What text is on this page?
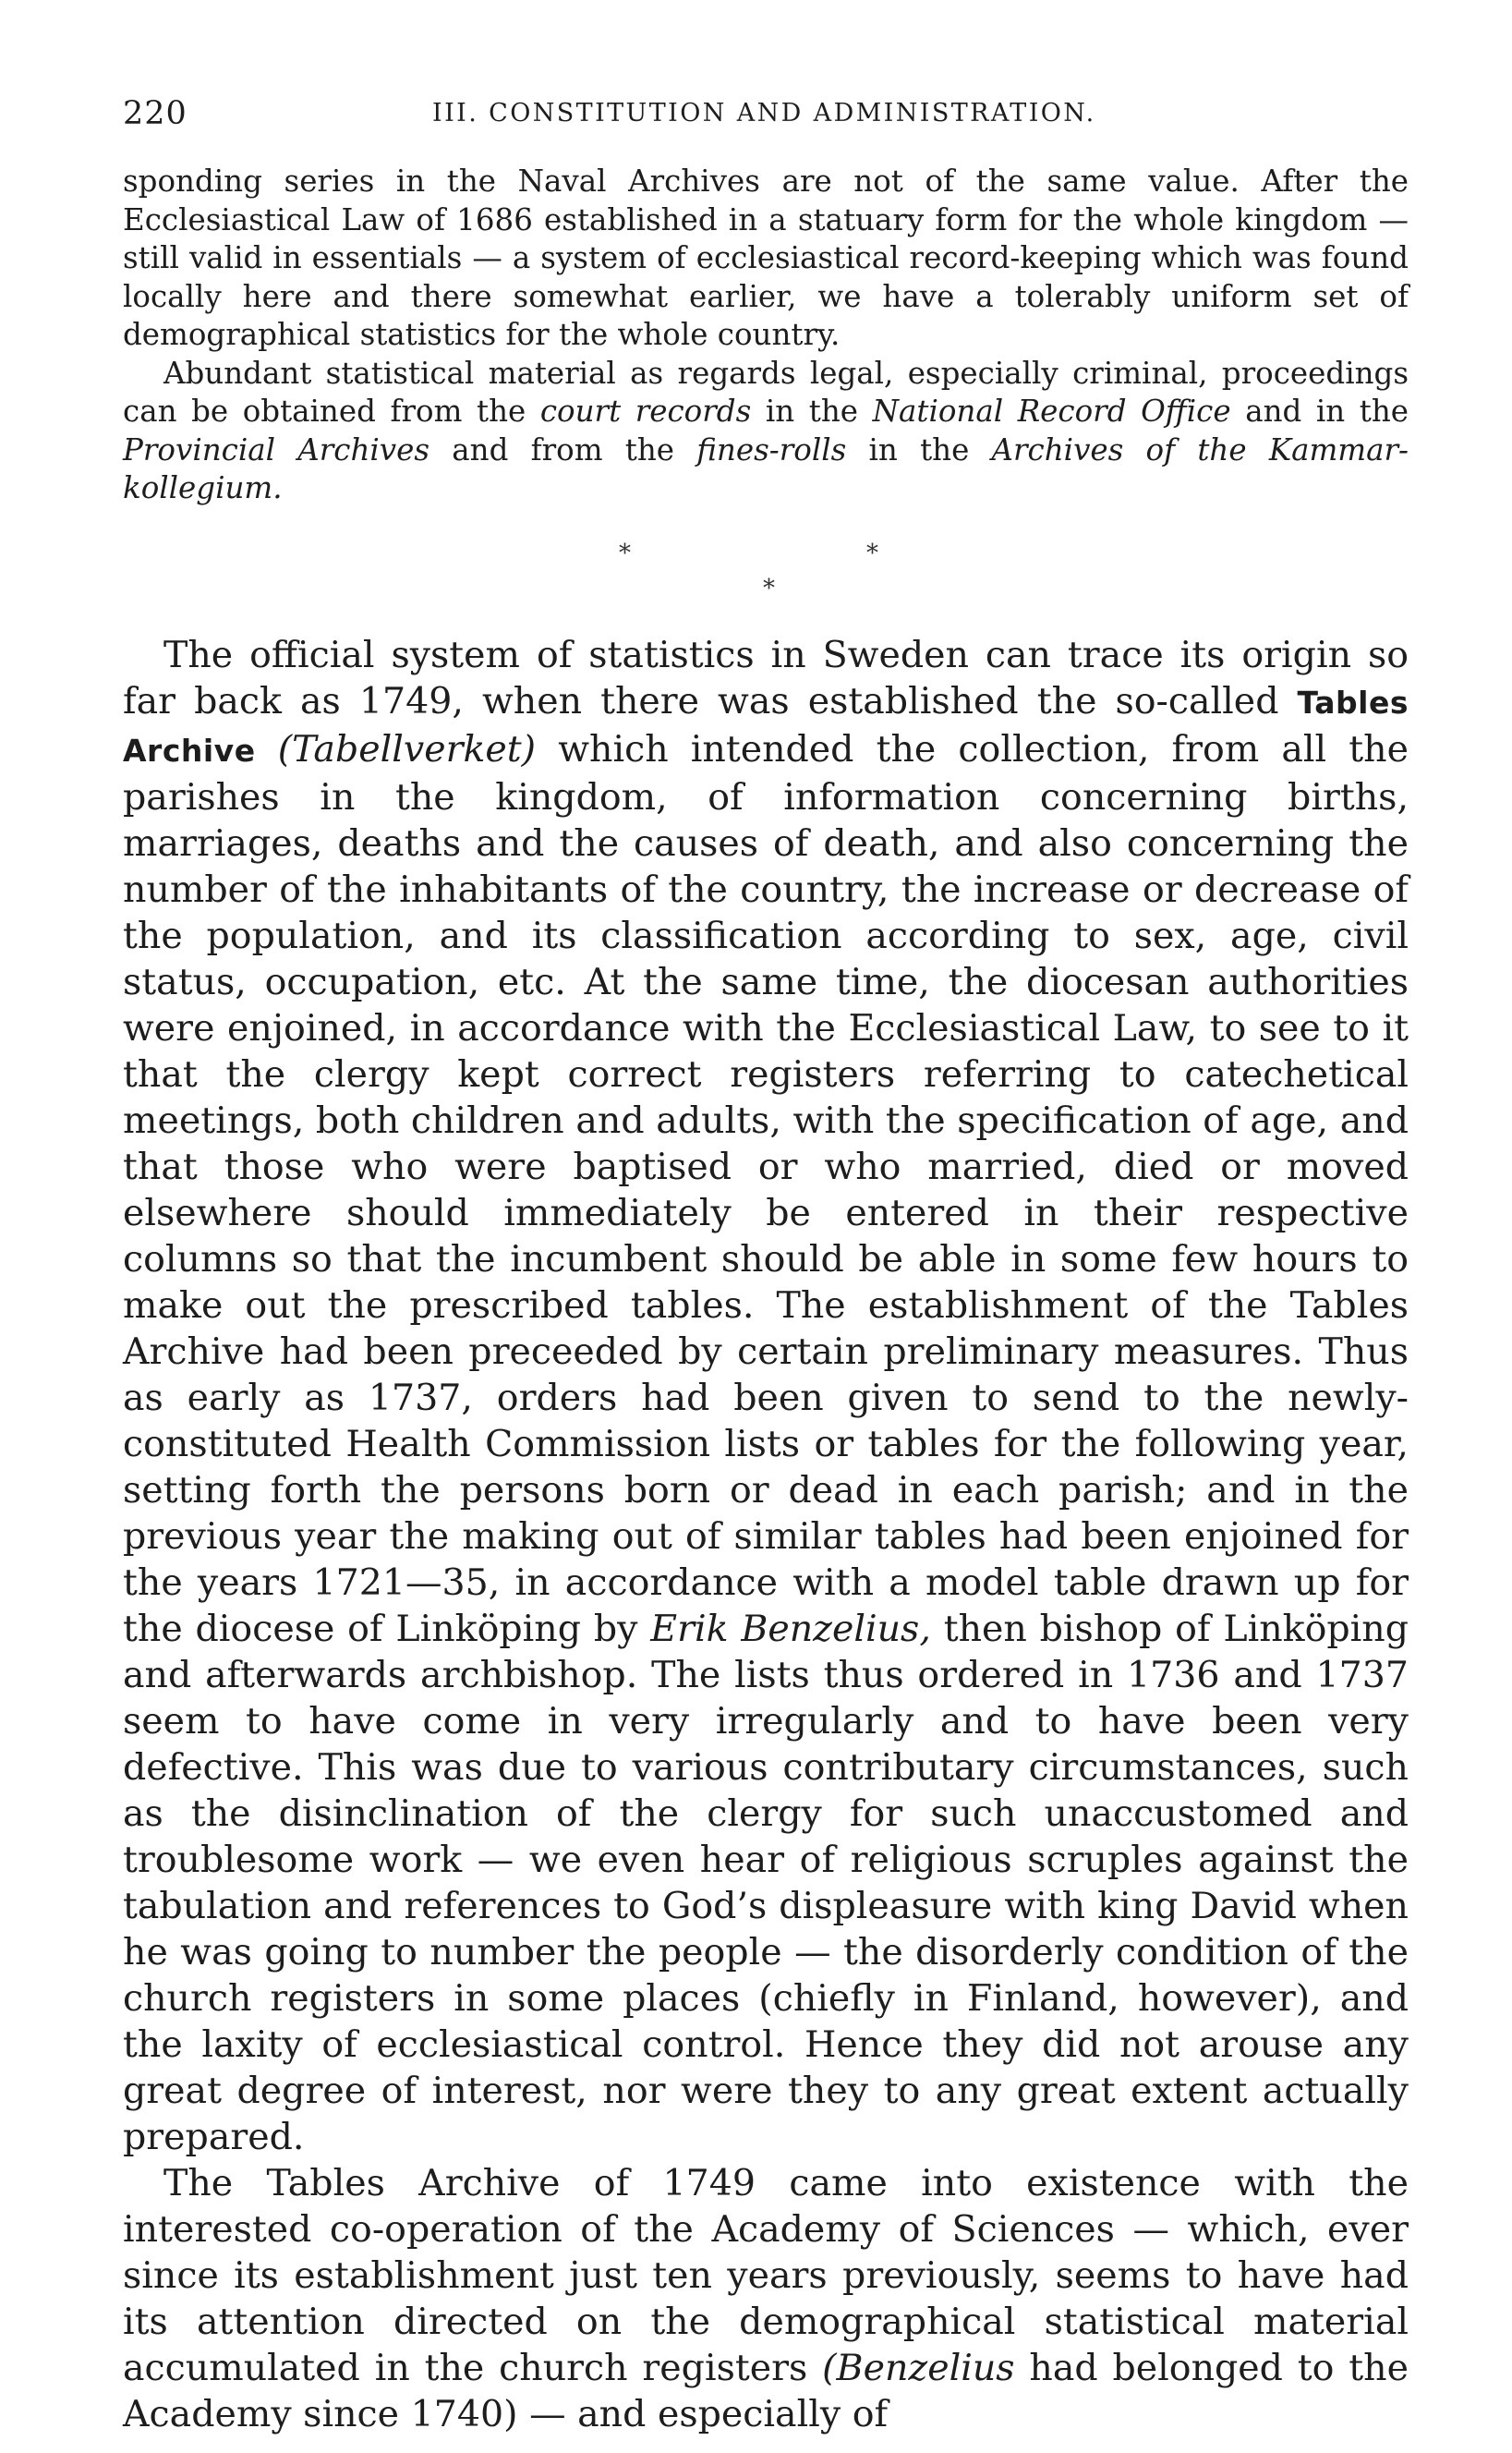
220	III. CONSTITUTION AND ADMINISTRATION.

sponding series in the Naval Archives are not of the same value. After the Ecclesiastical Law of 1686 established in a statuary form for the whole kingdom — still valid in essentials — a system of ecclesiastical record-keeping which was found locally here and there somewhat earlier, we have a tolerably uniform set of demographical statistics for the whole country.

Abundant statistical material as regards legal, especially criminal, proceedings can be obtained from the court records in the National Record Office and in the Provincial Archives and from the fines-rolls in the Archives of the Kammarkollegium.

*	*
*

The official system of statistics in Sweden can trace its origin so far back as 1749, when there was established the so-called Tables Archive (Tabellverket) which intended the collection, from all the parishes in the kingdom, of information concerning births, marriages, deaths and the causes of death, and also concerning the number of the inhabitants of the country, the increase or decrease of the population, and its classification according to sex, age, civil status, occupation, etc. At the same time, the diocesan authorities were enjoined, in accordance with the Ecclesiastical Law, to see to it that the clergy kept correct registers referring to catechetical meetings, both children and adults, with the specification of age, and that those who were baptised or who married, died or moved elsewhere should immediately be entered in their respective columns so that the incumbent should be able in some few hours to make out the prescribed tables. The establishment of the Tables Archive had been preceeded by certain preliminary measures. Thus as early as 1737, orders had been given to send to the newly-constituted Health Commission lists or tables for the following year, setting forth the persons born or dead in each parish; and in the previous year the making out of similar tables had been enjoined for the years 1721—35, in accordance with a model table drawn up for the diocese of Linköping by Erik Benzelius, then bishop of Linköping and afterwards archbishop. The lists thus ordered in 1736 and 1737 seem to have come in very irregularly and to have been very defective. This was due to various contributary circumstances, such as the disinclination of the clergy for such unaccustomed and troublesome work — we even hear of religious scruples against the tabulation and references to God’s displeasure with king David when he was going to number the people — the disorderly condition of the church registers in some places (chiefly in Finland, however), and the laxity of ecclesiastical control. Hence they did not arouse any great degree of interest, nor were they to any great extent actually prepared.

The Tables Archive of 1749 came into existence with the interested co-operation of the Academy of Sciences — which, ever since its establishment just ten years previously, seems to have had its attention directed on the demographical statistical material accumulated in the church registers (Benzelius had belonged to the Academy since 1740) — and especially of
